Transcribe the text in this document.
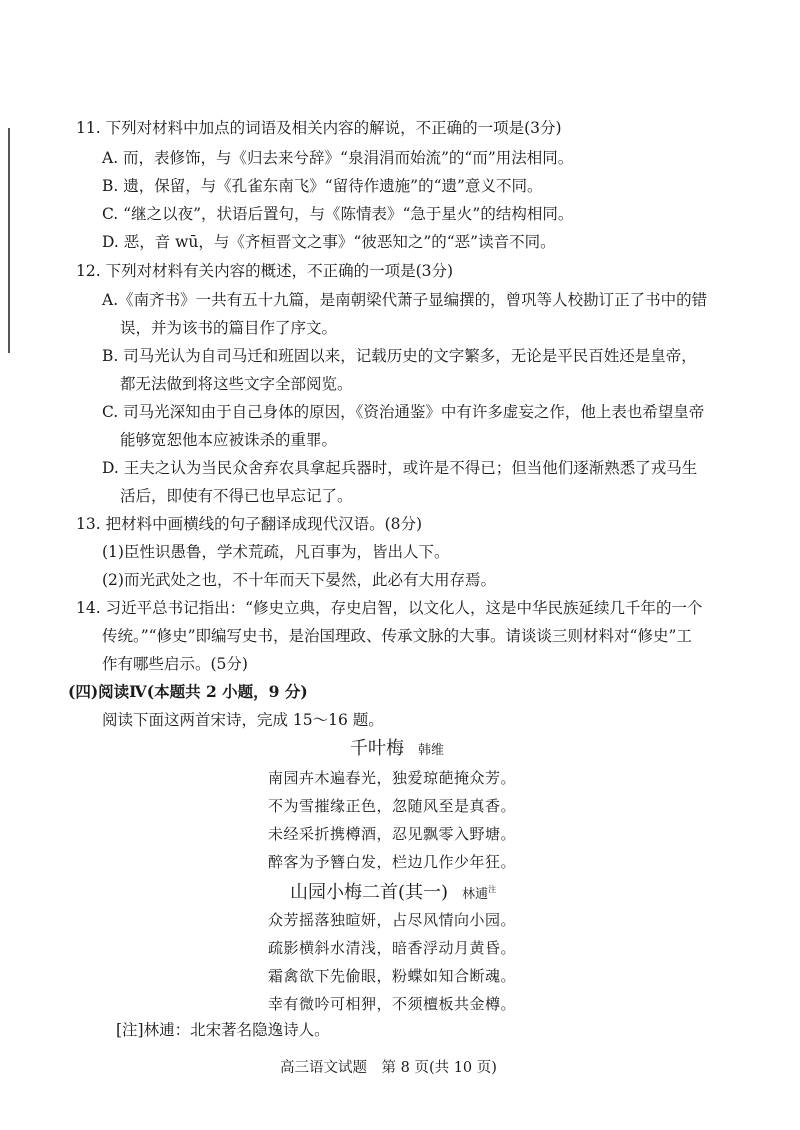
11. 下列对材料中加点的词语及相关内容的解说，不正确的一项是(3分)
A. 而，表修饰，与《归去来兮辞》“泉涓涓而始流”的“而”用法相同。
B. 遗，保留，与《孔雀东南飞》“留待作遗施”的“遗”意义不同。
C. “继之以夜”，状语后置句，与《陈情表》“急于星火”的结构相同。
D. 恶，音 wū，与《齐桓晋文之事》“彼恶知之”的“恶”读音不同。
12. 下列对材料有关内容的概述，不正确的一项是(3分)
A.《南齐书》一共有五十九篇，是南朝梁代萧子显编撰的，曾巩等人校勘订正了书中的错
误，并为该书的篇目作了序文。
B. 司马光认为自司马迁和班固以来，记载历史的文字繁多，无论是平民百姓还是皇帝，
都无法做到将这些文字全部阅览。
C. 司马光深知由于自己身体的原因，《资治通鉴》中有许多虚妄之作，他上表也希望皇帝
能够宽恕他本应被诛杀的重罪。
D. 王夫之认为当民众舍弃农具拿起兵器时，或许是不得已；但当他们逐渐熟悉了戎马生
活后，即使有不得已也早忘记了。
13. 把材料中画横线的句子翻译成现代汉语。(8分)
(1)臣性识愚鲁，学术荒疏，凡百事为，皆出人下。
(2)而光武处之也，不十年而天下晏然，此必有大用存焉。
14. 习近平总书记指出：“修史立典，存史启智，以文化人，这是中华民族延续几千年的一个
传统。”“修史”即编写史书，是治国理政、传承文脉的大事。请谈谈三则材料对“修史”工
作有哪些启示。(5分)
(四)阅读Ⅳ(本题共 2 小题，9 分)
阅读下面这两首宋诗，完成 15～16 题。
千叶梅 韩维
南园卉木遍春光，独爱琼葩掩众芳。
不为雪摧缘正色，忽随风至是真香。
未经采折携樽酒，忍见飘零入野塘。
醉客为予簪白发，栏边几作少年狂。
山园小梅二首(其一) 林逋$^注$
众芳摇落独暄妍，占尽风情向小园。
疏影横斜水清浅，暗香浮动月黄昏。
霜禽欲下先偷眼，粉蝶如知合断魂。
幸有微吟可相狎，不须檀板共金樽。
[注]林逋：北宋著名隐逸诗人。
高三语文试题　第 8 页(共 10 页)
